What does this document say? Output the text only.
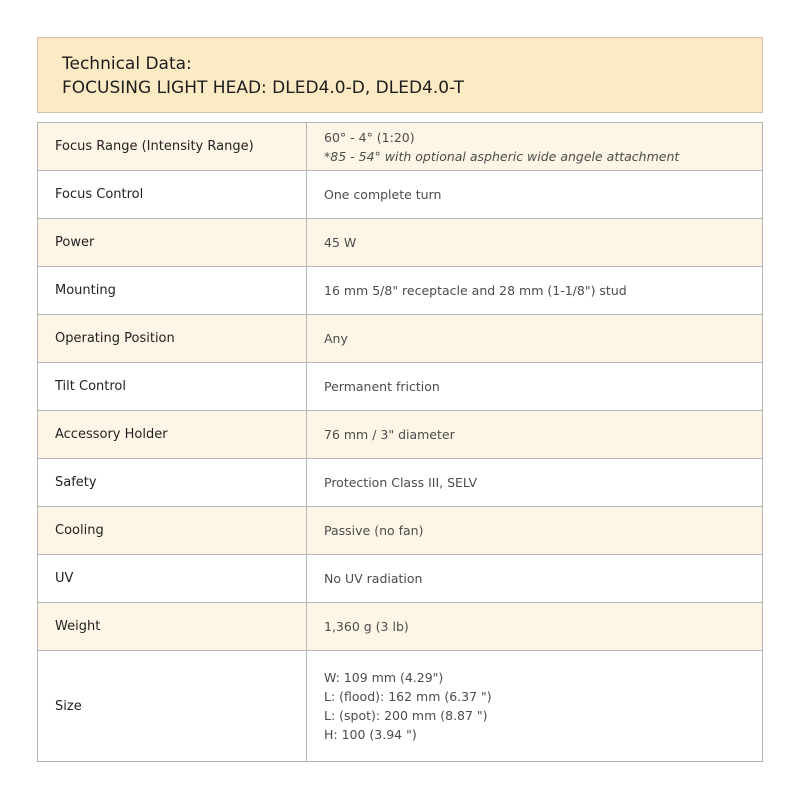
Technical Data:
FOCUSING LIGHT HEAD: DLED4.0-D, DLED4.0-T
Focus Range (Intensity Range)	60° - 4° (1:20)
*85 - 54° with optional aspheric wide angele attachment

Focus Control	One complete turn
Power	45 W
Mounting	16 mm 5/8" receptacle and 28 mm (1-1/8") stud
Operating Position	Any
Tilt Control	Permanent friction
Accessory Holder	76 mm / 3" diameter
Safety	Protection Class III, SELV
Cooling	Passive (no fan)
UV	No UV radiation
Weight	1,360 g (3 lb)
Size	W: 109 mm (4.29")
L: (flood): 162 mm (6.37 ")
L: (spot): 200 mm (8.87 ")
H: 100 (3.94 ")
